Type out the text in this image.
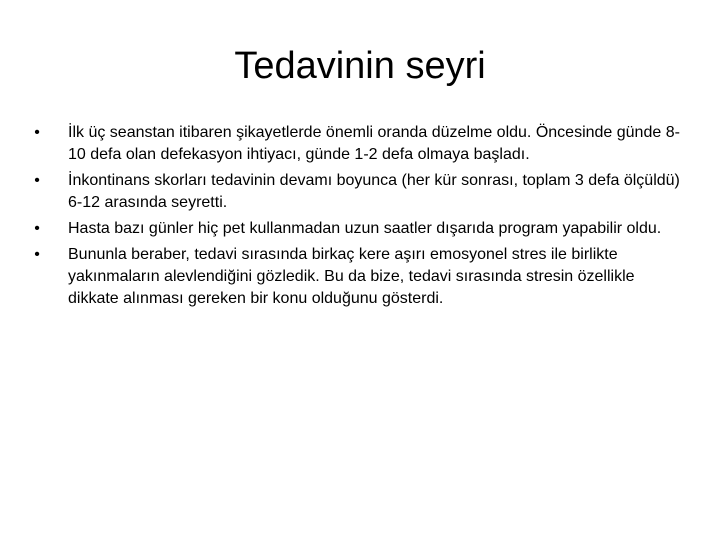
Tedavinin seyri
• İlk üç seanstan itibaren şikayetlerde önemli oranda düzelme oldu. Öncesinde günde 8-10 defa olan defekasyon ihtiyacı, günde 1-2 defa olmaya başladı.
• İnkontinans skorları tedavinin devamı boyunca (her kür sonrası, toplam 3 defa ölçüldü) 6-12 arasında seyretti.
• Hasta bazı günler hiç pet kullanmadan uzun saatler dışarıda program yapabilir oldu.
• Bununla beraber, tedavi sırasında birkaç kere aşırı emosyonel stres ile birlikte yakınmaların alevlendiğini gözledik. Bu da bize, tedavi sırasında stresin özellikle dikkate alınması gereken bir konu olduğunu gösterdi.
